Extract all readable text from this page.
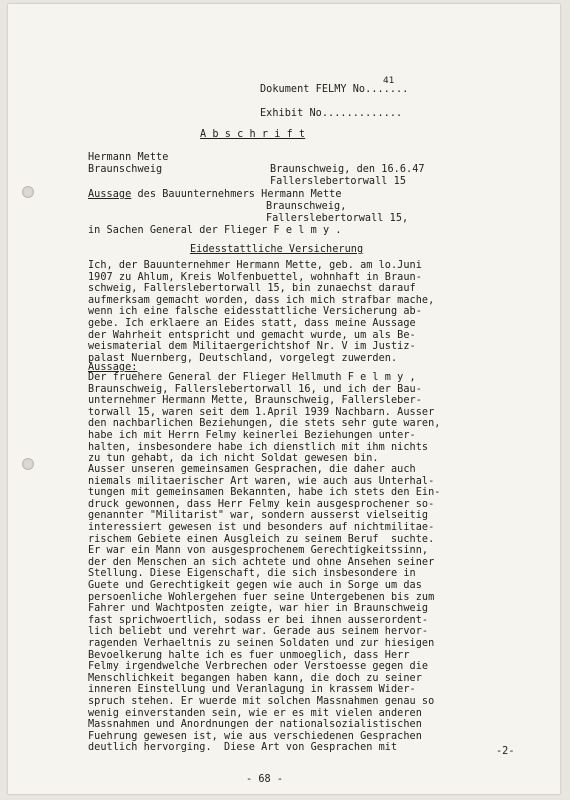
Dokument FELMY No.......
41
Exhibit No.............
A b s c h r i f t
Hermann Mette
Braunschweig	Braunschweig, den 16.6.47
Fallerslebertorwall 15
Aussage des Bauunternehmers Hermann Mette
Braunschweig,
Fallerslebertorwall 15,
in Sachen General der Flieger F e l m y .
Eidesstattliche Versicherung
Ich, der Bauunternehmer Hermann Mette, geb. am lo.Juni
1907 zu Ahlum, Kreis Wolfenbuettel, wohnhaft in Braun-
schweig, Fallerslebertorwall 15, bin zunaechst darauf
aufmerksam gemacht worden, dass ich mich strafbar mache,
wenn ich eine falsche eidesstattliche Versicherung ab-
gebe. Ich erklaere an Eides statt, dass meine Aussage
der Wahrheit entspricht und gemacht wurde, um als Be-
weismaterial dem Militaergerichtshof Nr. V im Justiz-
palast Nuernberg, Deutschland, vorgelegt zuwerden.
Aussage:
Der fruehere General der Flieger Hellmuth F e l m y ,
Braunschweig, Fallerslebertorwall 16, und ich der Bau-
unternehmer Hermann Mette, Braunschweig, Fallersleber-
torwall 15, waren seit dem 1.April 1939 Nachbarn. Ausser
den nachbarlichen Beziehungen, die stets sehr gute waren,
habe ich mit Herrn Felmy keinerlei Beziehungen unter-
halten, insbesondere habe ich dienstlich mit ihm nichts
zu tun gehabt, da ich nicht Soldat gewesen bin.
Ausser unseren gemeinsamen Gesprachen, die daher auch
niemals militaerischer Art waren, wie auch aus Unterhal-
tungen mit gemeinsamen Bekannten, habe ich stets den Ein-
druck gewonnen, dass Herr Felmy kein ausgesprochener so-
genannter "Militarist" war, sondern ausserst vielseitig
interessiert gewesen ist und besonders auf nichtmilitae-
rischem Gebiete einen Ausgleich zu seinem Beruf  suchte.
Er war ein Mann von ausgesprochenem Gerechtigkeitssinn,
der den Menschen an sich achtete und ohne Ansehen seiner
Stellung. Diese Eigenschaft, die sich insbesondere in
Guete und Gerechtigkeit gegen wie auch in Sorge um das
persoenliche Wohlergehen fuer seine Untergebenen bis zum
Fahrer und Wachtposten zeigte, war hier in Braunschweig
fast sprichwoertlich, sodass er bei ihnen ausserordent-
lich beliebt und verehrt war. Gerade aus seinem hervor-
ragenden Verhaeltnis zu seinen Soldaten und zur hiesigen
Bevoelkerung halte ich es fuer unmoeglich, dass Herr
Felmy irgendwelche Verbrechen oder Verstoesse gegen die
Menschlichkeit begangen haben kann, die doch zu seiner
inneren Einstellung und Veranlagung in krassem Wider-
spruch stehen. Er wuerde mit solchen Massnahmen genau so
wenig einverstanden sein, wie er es mit vielen anderen
Massnahmen und Anordnungen der nationalsozialistischen
Fuehrung gewesen ist, wie aus verschiedenen Gesprachen
deutlich hervorging.  Diese Art von Gesprachen mit	-2-
- 68 -
